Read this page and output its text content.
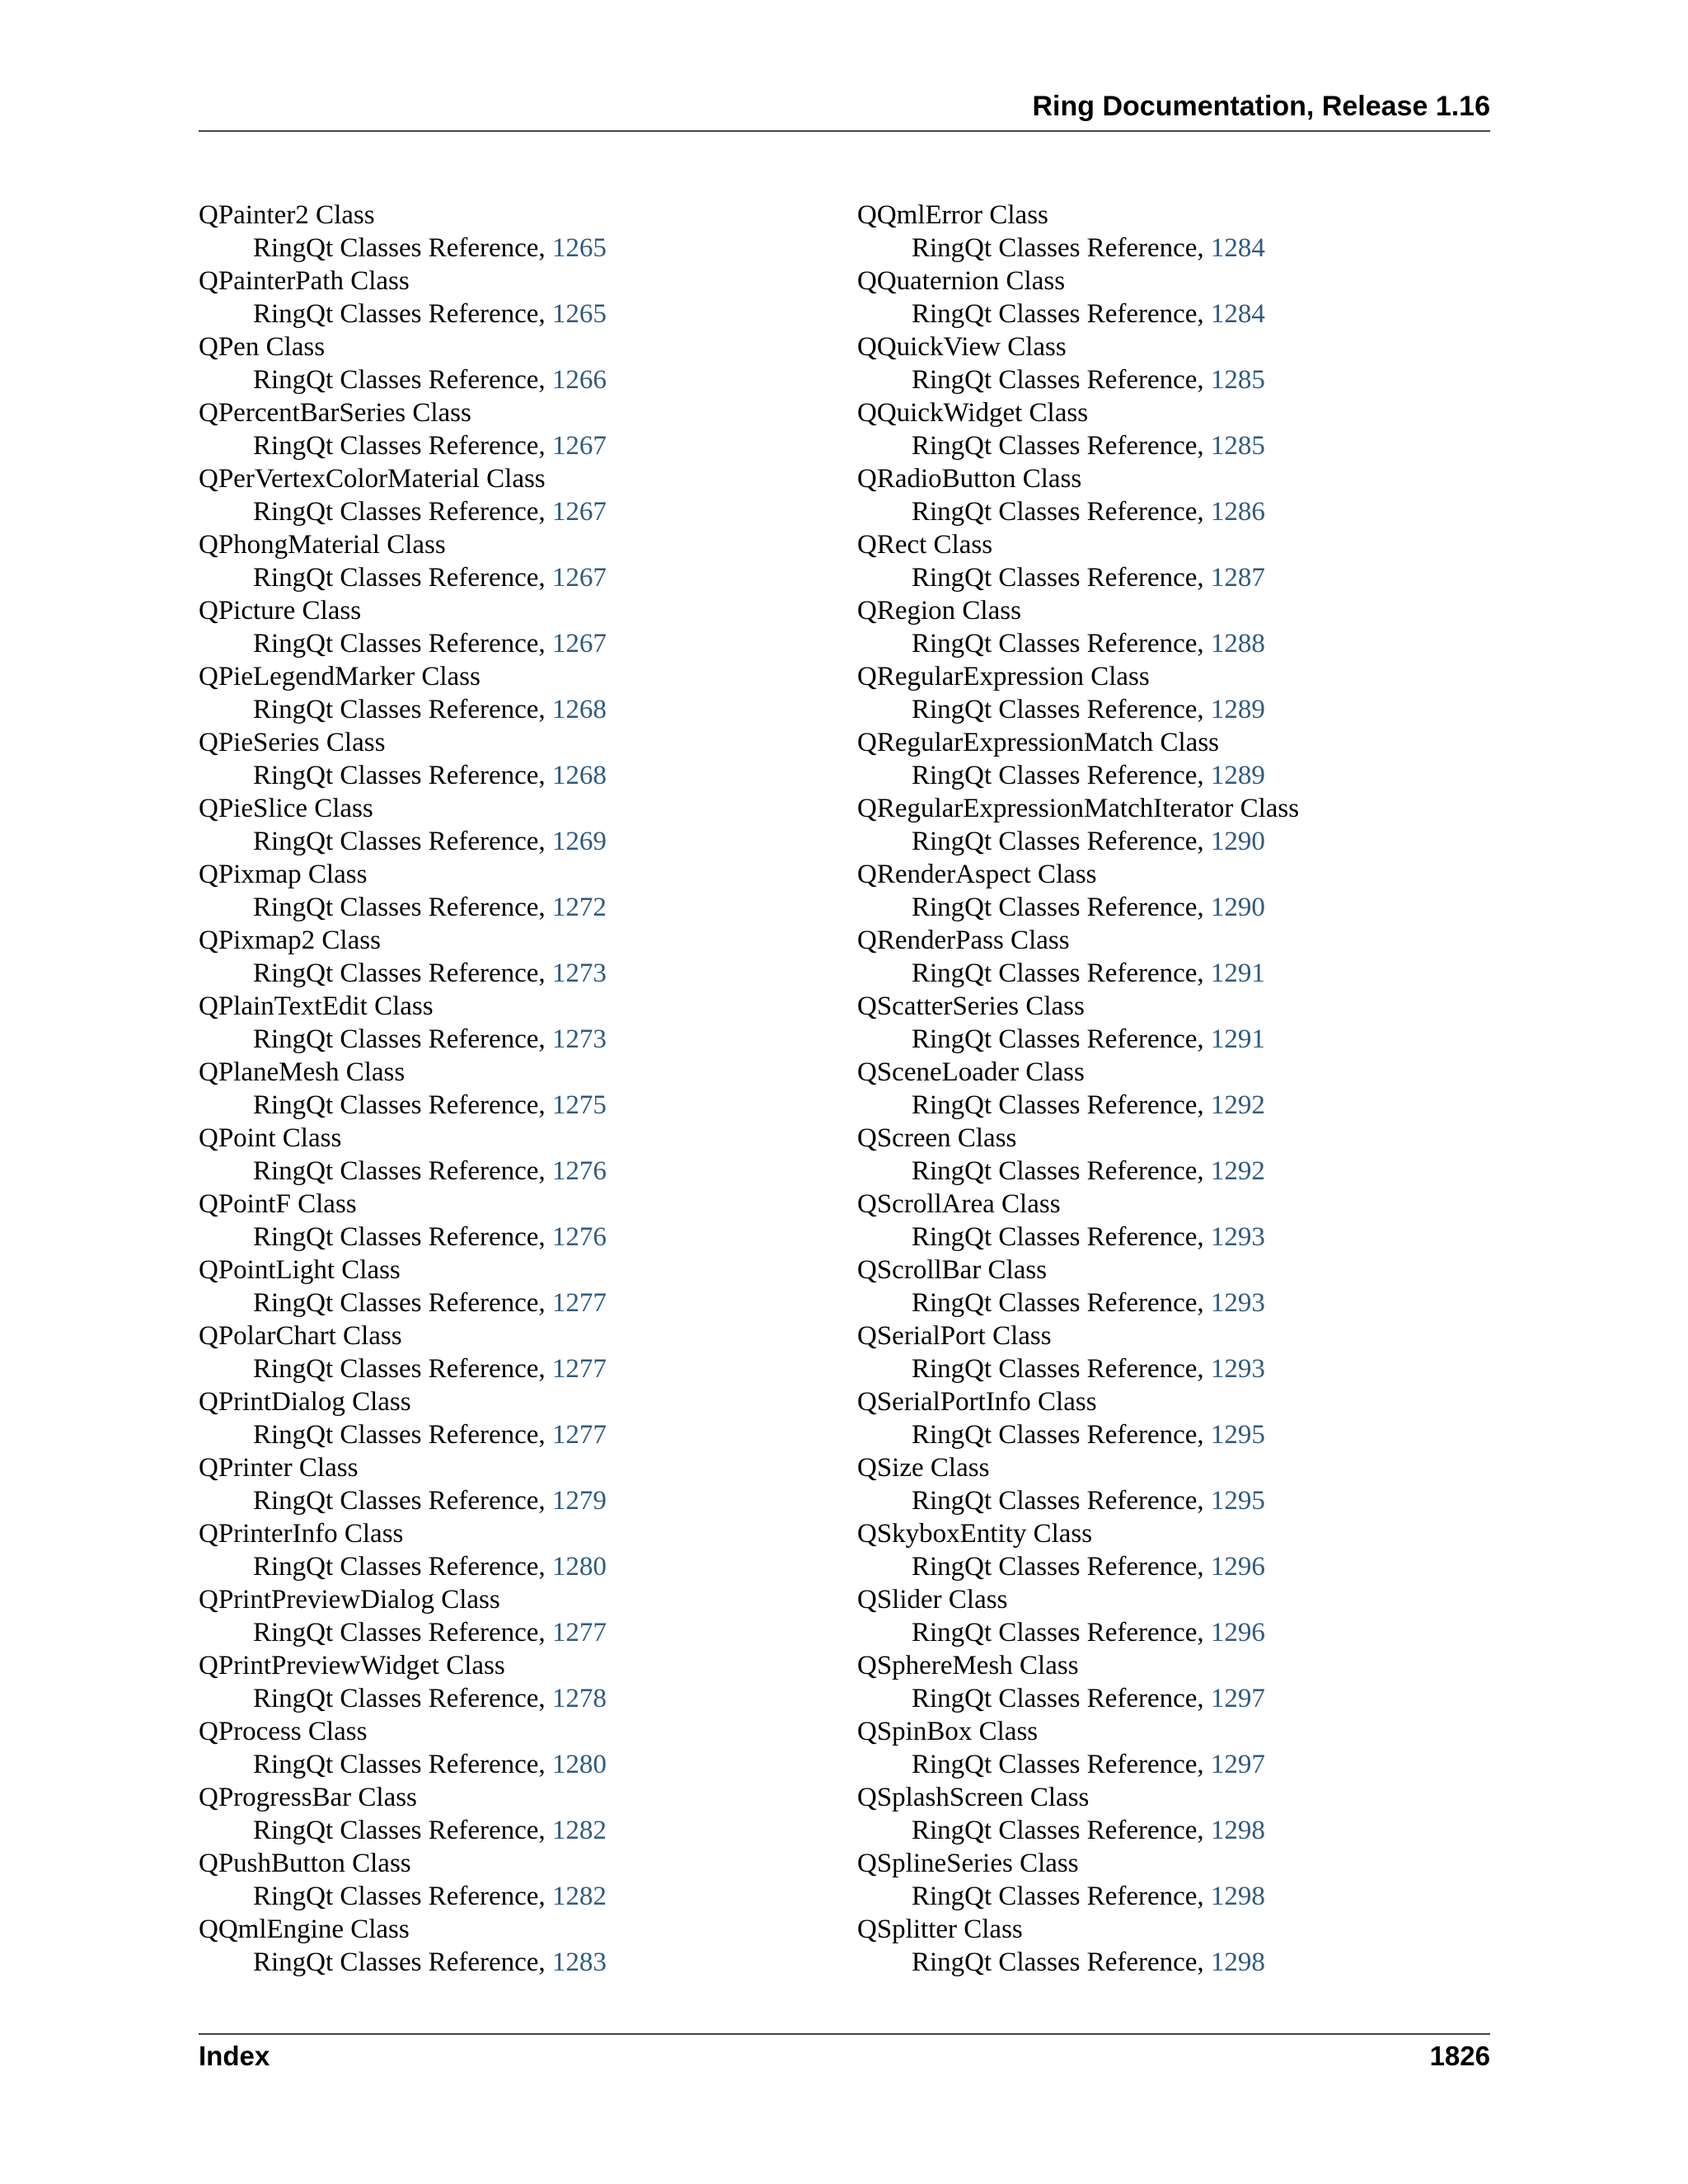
Ring Documentation, Release 1.16
QPainter2 Class
RingQt Classes Reference, 1265
QPainterPath Class
RingQt Classes Reference, 1265
QPen Class
RingQt Classes Reference, 1266
QPercentBarSeries Class
RingQt Classes Reference, 1267
QPerVertexColorMaterial Class
RingQt Classes Reference, 1267
QPhongMaterial Class
RingQt Classes Reference, 1267
QPicture Class
RingQt Classes Reference, 1267
QPieLegendMarker Class
RingQt Classes Reference, 1268
QPieSeries Class
RingQt Classes Reference, 1268
QPieSlice Class
RingQt Classes Reference, 1269
QPixmap Class
RingQt Classes Reference, 1272
QPixmap2 Class
RingQt Classes Reference, 1273
QPlainTextEdit Class
RingQt Classes Reference, 1273
QPlaneMesh Class
RingQt Classes Reference, 1275
QPoint Class
RingQt Classes Reference, 1276
QPointF Class
RingQt Classes Reference, 1276
QPointLight Class
RingQt Classes Reference, 1277
QPolarChart Class
RingQt Classes Reference, 1277
QPrintDialog Class
RingQt Classes Reference, 1277
QPrinter Class
RingQt Classes Reference, 1279
QPrinterInfo Class
RingQt Classes Reference, 1280
QPrintPreviewDialog Class
RingQt Classes Reference, 1277
QPrintPreviewWidget Class
RingQt Classes Reference, 1278
QProcess Class
RingQt Classes Reference, 1280
QProgressBar Class
RingQt Classes Reference, 1282
QPushButton Class
RingQt Classes Reference, 1282
QQmlEngine Class
RingQt Classes Reference, 1283
QQmlError Class
RingQt Classes Reference, 1284
QQuaternion Class
RingQt Classes Reference, 1284
QQuickView Class
RingQt Classes Reference, 1285
QQuickWidget Class
RingQt Classes Reference, 1285
QRadioButton Class
RingQt Classes Reference, 1286
QRect Class
RingQt Classes Reference, 1287
QRegion Class
RingQt Classes Reference, 1288
QRegularExpression Class
RingQt Classes Reference, 1289
QRegularExpressionMatch Class
RingQt Classes Reference, 1289
QRegularExpressionMatchIterator Class
RingQt Classes Reference, 1290
QRenderAspect Class
RingQt Classes Reference, 1290
QRenderPass Class
RingQt Classes Reference, 1291
QScatterSeries Class
RingQt Classes Reference, 1291
QSceneLoader Class
RingQt Classes Reference, 1292
QScreen Class
RingQt Classes Reference, 1292
QScrollArea Class
RingQt Classes Reference, 1293
QScrollBar Class
RingQt Classes Reference, 1293
QSerialPort Class
RingQt Classes Reference, 1293
QSerialPortInfo Class
RingQt Classes Reference, 1295
QSize Class
RingQt Classes Reference, 1295
QSkyboxEntity Class
RingQt Classes Reference, 1296
QSlider Class
RingQt Classes Reference, 1296
QSphereMesh Class
RingQt Classes Reference, 1297
QSpinBox Class
RingQt Classes Reference, 1297
QSplashScreen Class
RingQt Classes Reference, 1298
QSplineSeries Class
RingQt Classes Reference, 1298
QSplitter Class
RingQt Classes Reference, 1298
Index	1826
